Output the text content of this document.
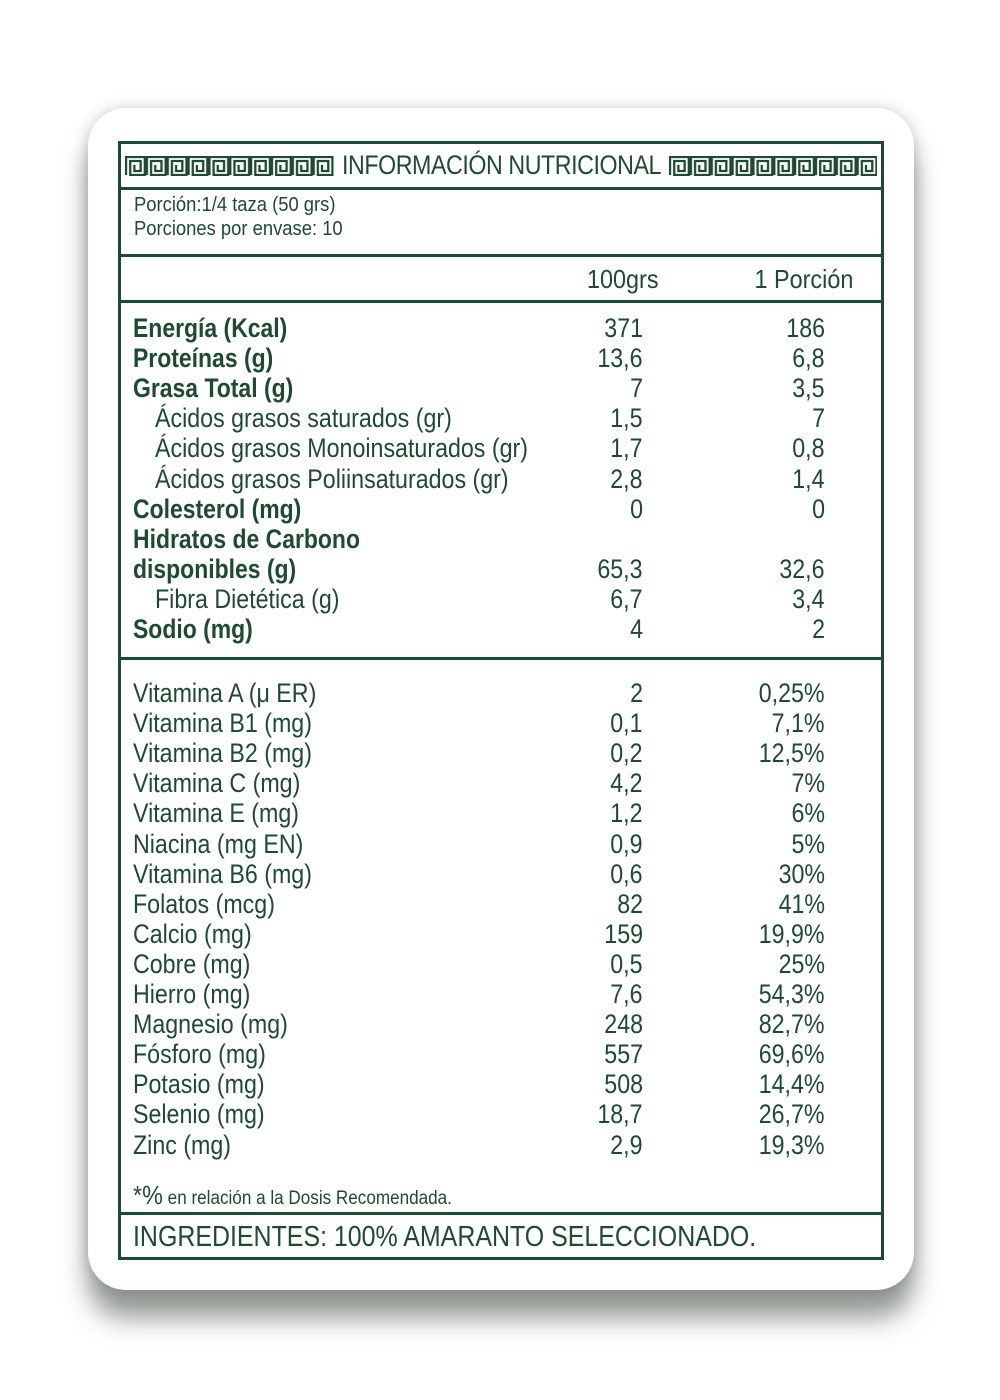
INFORMACIÓN NUTRICIONAL
Porción:1/4 taza (50 grs)
Porciones por envase: 10
100grs	1 Porción
Energía (Kcal)	371	186
Proteínas (g)	13,6	6,8
Grasa Total (g)	7	3,5
Ácidos grasos saturados (gr)	1,5	7
Ácidos grasos Monoinsaturados (gr)	1,7	0,8
Ácidos grasos Poliinsaturados (gr)	2,8	1,4
Colesterol (mg)	0	0
Hidratos de Carbono
disponibles (g)	65,3	32,6
Fibra Dietética (g)	6,7	3,4
Sodio (mg)	4	2
Vitamina A (μ ER)	2	0,25%
Vitamina B1 (mg)	0,1	7,1%
Vitamina B2 (mg)	0,2	12,5%
Vitamina C (mg)	4,2	7%
Vitamina E (mg)	1,2	6%
Niacina (mg EN)	0,9	5%
Vitamina B6 (mg)	0,6	30%
Folatos (mcg)	82	41%
Calcio (mg)	159	19,9%
Cobre (mg)	0,5	25%
Hierro (mg)	7,6	54,3%
Magnesio (mg)	248	82,7%
Fósforo (mg)	557	69,6%
Potasio (mg)	508	14,4%
Selenio (mg)	18,7	26,7%
Zinc (mg)	2,9	19,3%
*% en relación a la Dosis Recomendada.
INGREDIENTES: 100% AMARANTO SELECCIONADO.
